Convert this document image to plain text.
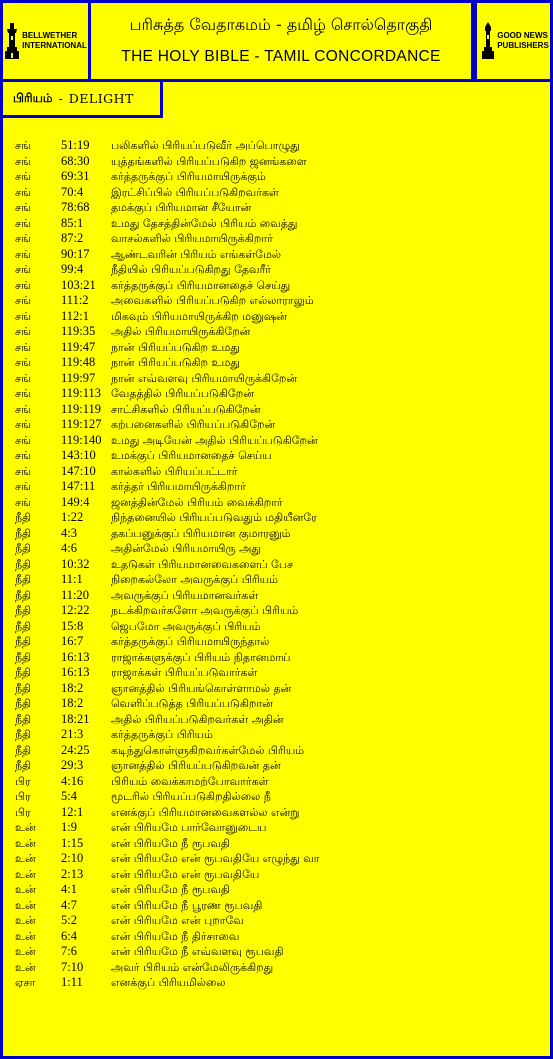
BELLWETHER
INTERNATIONAL
பரிசுத்த வேதாகமம் - தமிழ் சொல்தொகுதி
THE HOLY BIBLE - TAMIL CONCORDANCE
GOOD NEWS
PUBLISHERS
பிரியம் - DELIGHT
சங்	51:19	பலிகளில் பிரியப்படுவீர் அப்பொழுது
சங்	68:30	யுத்தங்களில் பிரியப்படுகிற ஜனங்களை
சங்	69:31	கர்த்தருக்குப் பிரியமாயிருக்கும்
சங்	70:4	இரட்சிப்பில் பிரியப்படுகிறவர்கள்
சங்	78:68	தமக்குப் பிரியமான சீயோன்
சங்	85:1	உமது தேசத்தின்மேல் பிரியம் வைத்து
சங்	87:2	வாசல்களில் பிரியமாயிருக்கிறார்
சங்	90:17	ஆண்டவரின் பிரியம் எங்கள்மேல்
சங்	99:4	நீதியில் பிரியப்படுகிறது தேவரீர்
சங்	103:21	கர்த்தருக்குப் பிரியமானதைச் செய்து
சங்	111:2	அவைகளில் பிரியப்படுகிற எல்லாராலும்
சங்	112:1	மிகவும் பிரியமாயிருக்கிற மனுஷன்
சங்	119:35	அதில் பிரியமாயிருக்கிறேன்
சங்	119:47	நான் பிரியப்படுகிற உமது
சங்	119:48	நான் பிரியப்படுகிற உமது
சங்	119:97	நான் எவ்வளவு பிரியமாயிருக்கிறேன்
சங்	119:113 வேதத்தில் பிரியப்படுகிறேன்
சங்	119:119 சாட்சிகளில் பிரியப்படுகிறேன்
சங்	119:127 கற்பனைகளில் பிரியப்படுகிறேன்
சங்	119:140 உமது அடியேன் அதில் பிரியப்படுகிறேன்
சங்	143:10	உமக்குப் பிரியமானதைச் செய்ய
சங்	147:10	கால்களில் பிரியப்பட்டார்
சங்	147:11	கர்த்தர் பிரியமாயிருக்கிறார்
சங்	149:4	ஜனத்தின்மேல் பிரியம் வைக்கிறார்
நீதி	1:22	நிந்தனையில் பிரியப்படுவதும் மதியீனரே
நீதி	4:3	தகப்பனுக்குப் பிரியமான குமாரனும்
நீதி	4:6	அதின்மேல் பிரியமாயிரு அது
நீதி	10:32	உதடுகள் பிரியமானவைகளைப் பேச
நீதி	11:1	நிறைகல்லோ அவருக்குப் பிரியம்
நீதி	11:20	அவருக்குப் பிரியமானவர்கள்
நீதி	12:22	நடக்கிறவர்களோ அவருக்குப் பிரியம்
நீதி	15:8	ஜெபமோ அவருக்குப் பிரியம்
நீதி	16:7	கர்த்தருக்குப் பிரியமாயிருந்தால்
நீதி	16:13	ராஜாக்களுக்குப் பிரியம் நிதானமாய்
நீதி	16:13	ராஜாக்கள் பிரியப்படுவார்கள்
நீதி	18:2	ஞானத்தில் பிரியங்கொள்ளாமல் தன்
நீதி	18:2	வெளிப்படுத்த பிரியப்படுகிறான்
நீதி	18:21	அதில் பிரியப்படுகிறவர்கள் அதின்
நீதி	21:3	கர்த்தருக்குப் பிரியம்
நீதி	24:25	கடிந்துகொள்ளுகிறவர்கள்மேல் பிரியம்
நீதி	29:3	ஞானத்தில் பிரியப்படுகிறவன் தன்
பிர	4:16	பிரியம் வைக்காமற்போவார்கள்
பிர	5:4	மூடரில் பிரியப்படுகிறதில்லை நீ
பிர	12:1	எனக்குப் பிரியமானவைகளல்ல என்று
உன்	1:9	என் பிரியமே பார்வோனுடைய
உன்	1:15	என் பிரியமே நீ ரூபவதி
உன்	2:10	என் பிரியமே என் ரூபவதியே எழுந்து வா
உன்	2:13	என் பிரியமே என் ரூபவதியே
உன்	4:1	என் பிரியமே நீ ரூபவதி
உன்	4:7	என் பிரியமே நீ பூரண ரூபவதி
உன்	5:2	என் பிரியமே என் புறாவே
உன்	6:4	என் பிரியமே நீ திர்சாவை
உன்	7:6	என் பிரியமே நீ எவ்வளவு ரூபவதி
உன்	7:10	அவர் பிரியம் என்மேலிருக்கிறது
ஏசா	1:11	எனக்குப் பிரியமில்லை
